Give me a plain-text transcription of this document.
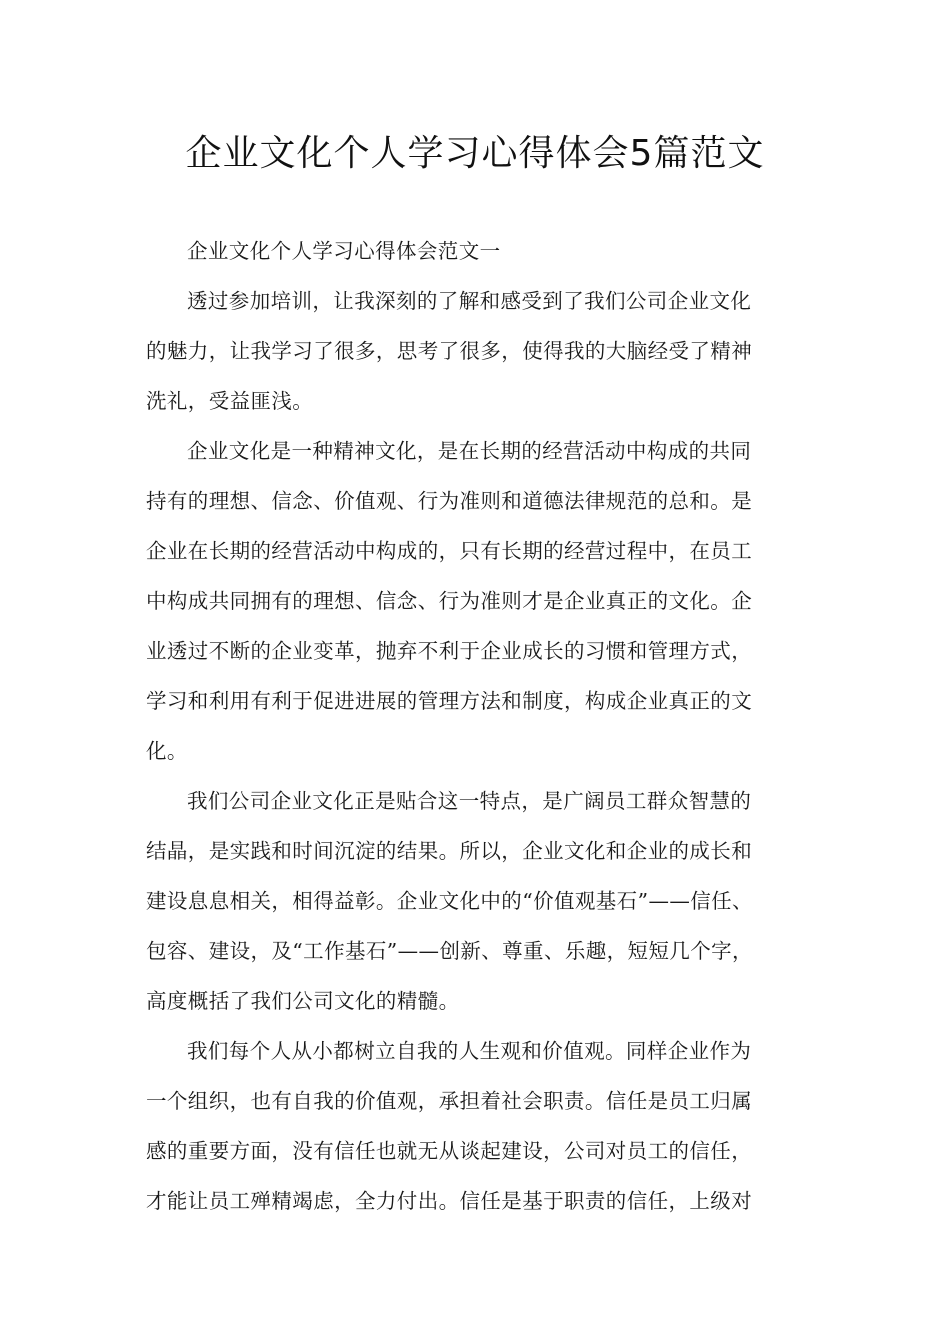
企业文化个人学习心得体会5篇范文

企业文化个人学习心得体会范文一

透过参加培训，让我深刻的了解和感受到了我们公司企业文化
的魅力，让我学习了很多，思考了很多，使得我的大脑经受了精神
洗礼，受益匪浅。
企业文化是一种精神文化，是在长期的经营活动中构成的共同
持有的理想、信念、价值观、行为准则和道德法律规范的总和。是
企业在长期的经营活动中构成的，只有长期的经营过程中，在员工
中构成共同拥有的理想、信念、行为准则才是企业真正的文化。企
业透过不断的企业变革，抛弃不利于企业成长的习惯和管理方式，
学习和利用有利于促进进展的管理方法和制度，构成企业真正的文
化。
我们公司企业文化正是贴合这一特点，是广阔员工群众智慧的
结晶，是实践和时间沉淀的结果。所以，企业文化和企业的成长和
建设息息相关，相得益彰。企业文化中的“价值观基石”——信任、
包容、建设，及“工作基石”——创新、尊重、乐趣，短短几个字，
高度概括了我们公司文化的精髓。
我们每个人从小都树立自我的人生观和价值观。同样企业作为
一个组织，也有自我的价值观，承担着社会职责。信任是员工归属
感的重要方面，没有信任也就无从谈起建设，公司对员工的信任，
才能让员工殚精竭虑，全力付出。信任是基于职责的信任，上级对
